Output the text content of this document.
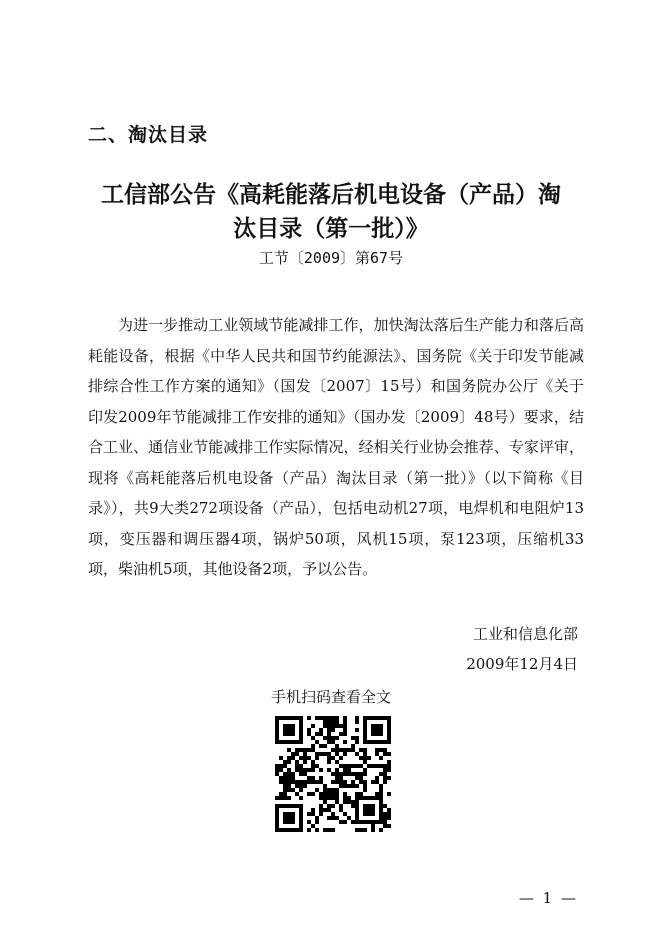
二、淘汰目录
工信部公告《高耗能落后机电设备（产品）淘
汰目录（第一批）》
工节〔2009〕第67号

为进一步推动工业领域节能减排工作，加快淘汰落后生产能力和落后高耗能设备，根据《中华人民共和国节约能源法》、国务院《关于印发节能减排综合性工作方案的通知》（国发〔2007〕15号）和国务院办公厅《关于印发2009年节能减排工作安排的通知》（国办发〔2009〕48号）要求，结合工业、通信业节能减排工作实际情况，经相关行业协会推荐、专家评审，现将《高耗能落后机电设备（产品）淘汰目录（第一批）》（以下简称《目录》），共9大类272项设备（产品），包括电动机27项，电焊机和电阻炉13项，变压器和调压器4项，锅炉50项，风机15项，泵123项，压缩机33项，柴油机5项，其他设备2项，予以公告。

工业和信息化部
2009年12月4日
手机扫码查看全文
— 1 —
